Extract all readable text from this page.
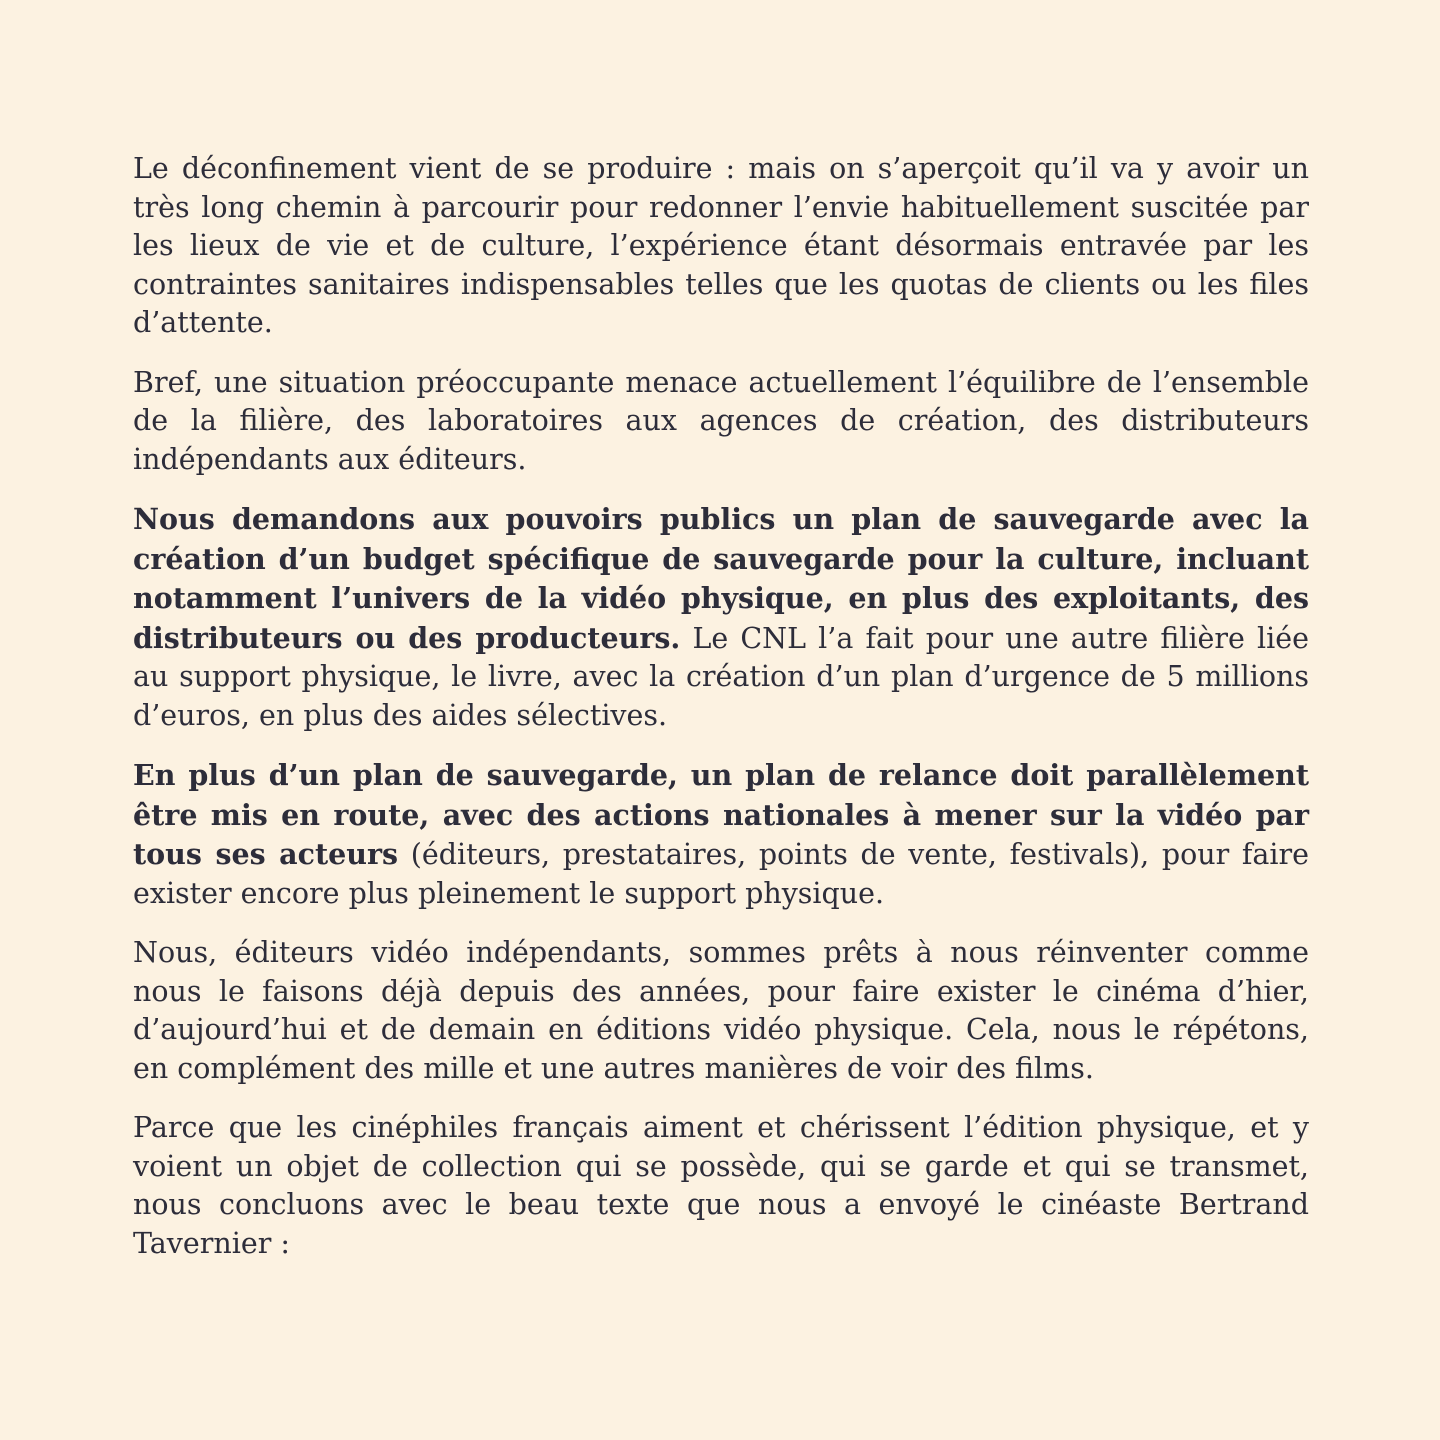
Le déconfinement vient de se produire : mais on s’aperçoit qu’il va y avoir un très long chemin à parcourir pour redonner l’envie habituellement suscitée par les lieux de vie et de culture, l’expérience étant désormais entravée par les contraintes sanitaires indispensables telles que les quotas de clients ou les files d’attente.

Bref, une situation préoccupante menace actuellement l’équilibre de l’ensemble de la filière, des laboratoires aux agences de création, des distributeurs indépendants aux éditeurs.

Nous demandons aux pouvoirs publics un plan de sauvegarde avec la création d’un budget spécifique de sauvegarde pour la culture, incluant notamment l’univers de la vidéo physique, en plus des exploitants, des distributeurs ou des producteurs. Le CNL l’a fait pour une autre filière liée au support physique, le livre, avec la création d’un plan d’urgence de 5 millions d’euros, en plus des aides sélectives.

En plus d’un plan de sauvegarde, un plan de relance doit parallèlement être mis en route, avec des actions nationales à mener sur la vidéo par tous ses acteurs (éditeurs, prestataires, points de vente, festivals), pour faire exister encore plus pleinement le support physique.

Nous, éditeurs vidéo indépendants, sommes prêts à nous réinventer comme nous le faisons déjà depuis des années, pour faire exister le cinéma d’hier, d’aujourd’hui et de demain en éditions vidéo physique. Cela, nous le répétons, en complément des mille et une autres manières de voir des films.

Parce que les cinéphiles français aiment et chérissent l’édition physique, et y voient un objet de collection qui se possède, qui se garde et qui se transmet, nous concluons avec le beau texte que nous a envoyé le cinéaste Bertrand Tavernier :
